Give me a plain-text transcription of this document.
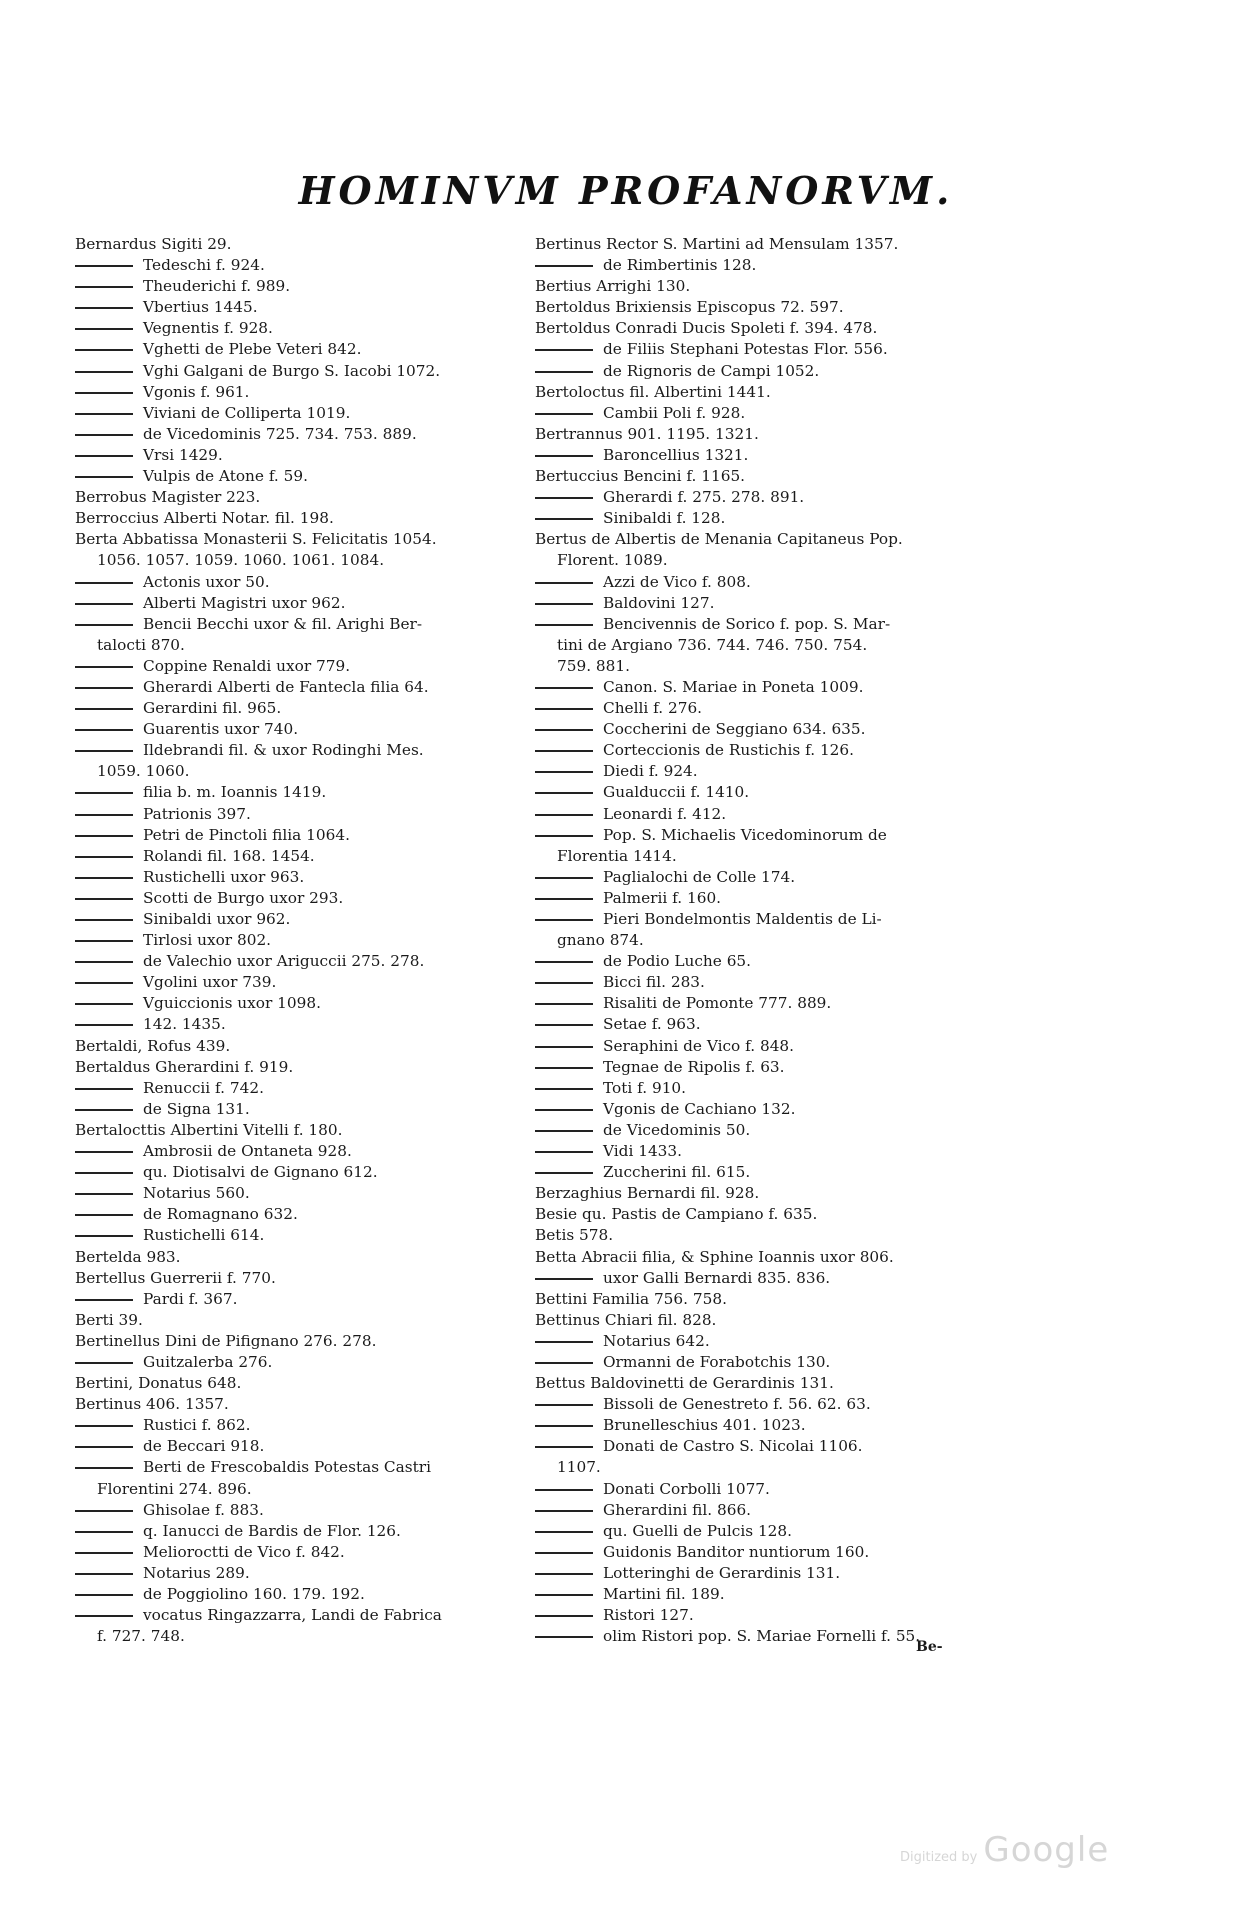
HOMINVM PROFANORVM.
Bernardus Sigiti 29.
Tedeschi f. 924.
Theuderichi f. 989.
Vbertius 1445.
Vegnentis f. 928.
Vghetti de Plebe Veteri 842.
Vghi Galgani de Burgo S. Iacobi 1072.
Vgonis f. 961.
Viviani de Colliperta 1019.
de Vicedominis 725. 734. 753. 889.
Vrsi 1429.
Vulpis de Atone f. 59.
Berrobus Magister 223.
Berroccius Alberti Notar. fil. 198.
Berta Abbatissa Monasterii S. Felicitatis 1054.
1056. 1057. 1059. 1060. 1061. 1084.
Actonis uxor 50.
Alberti Magistri uxor 962.
Bencii Becchi uxor & fil. Arighi Ber-
talocti 870.
Coppine Renaldi uxor 779.
Gherardi Alberti de Fantecla filia 64.
Gerardini fil. 965.
Guarentis uxor 740.
Ildebrandi fil. & uxor Rodinghi Mes.
1059. 1060.
filia b. m. Ioannis 1419.
Patrionis 397.
Petri de Pinctoli filia 1064.
Rolandi fil. 168. 1454.
Rustichelli uxor 963.
Scotti de Burgo uxor 293.
Sinibaldi uxor 962.
Tirlosi uxor 802.
de Valechio uxor Ariguccii 275. 278.
Vgolini uxor 739.
Vguiccionis uxor 1098.
142. 1435.
Bertaldi, Rofus 439.
Bertaldus Gherardini f. 919.
Renuccii f. 742.
de Signa 131.
Bertalocttis Albertini Vitelli f. 180.
Ambrosii de Ontaneta 928.
qu. Diotisalvi de Gignano 612.
Notarius 560.
de Romagnano 632.
Rustichelli 614.
Bertelda 983.
Bertellus Guerrerii f. 770.
Pardi f. 367.
Berti 39.
Bertinellus Dini de Pifignano 276. 278.
Guitzalerba 276.
Bertini, Donatus 648.
Bertinus 406. 1357.
Rustici f. 862.
de Beccari 918.
Berti de Frescobaldis Potestas Castri
Florentini 274. 896.
Ghisolae f. 883.
q. Ianucci de Bardis de Flor. 126.
Melioroctti de Vico f. 842.
Notarius 289.
de Poggiolino 160. 179. 192.
vocatus Ringazzarra, Landi de Fabrica
f. 727. 748.
Bertinus Rector S. Martini ad Mensulam 1357.
de Rimbertinis 128.
Bertius Arrighi 130.
Bertoldus Brixiensis Episcopus 72. 597.
Bertoldus Conradi Ducis Spoleti f. 394. 478.
de Filiis Stephani Potestas Flor. 556.
de Rignoris de Campi 1052.
Bertoloctus fil. Albertini 1441.
Cambii Poli f. 928.
Bertrannus 901. 1195. 1321.
Baroncellius 1321.
Bertuccius Bencini f. 1165.
Gherardi f. 275. 278. 891.
Sinibaldi f. 128.
Bertus de Albertis de Menania Capitaneus Pop.
Florent. 1089.
Azzi de Vico f. 808.
Baldovini 127.
Bencivennis de Sorico f. pop. S. Mar-
tini de Argiano 736. 744. 746. 750. 754.
759. 881.
Canon. S. Mariae in Poneta 1009.
Chelli f. 276.
Coccherini de Seggiano 634. 635.
Corteccionis de Rustichis f. 126.
Diedi f. 924.
Gualduccii f. 1410.
Leonardi f. 412.
Pop. S. Michaelis Vicedominorum de
Florentia 1414.
Paglialochi de Colle 174.
Palmerii f. 160.
Pieri Bondelmontis Maldentis de Li-
gnano 874.
de Podio Luche 65.
Bicci fil. 283.
Risaliti de Pomonte 777. 889.
Setae f. 963.
Seraphini de Vico f. 848.
Tegnae de Ripolis f. 63.
Toti f. 910.
Vgonis de Cachiano 132.
de Vicedominis 50.
Vidi 1433.
Zuccherini fil. 615.
Berzaghius Bernardi fil. 928.
Besie qu. Pastis de Campiano f. 635.
Betis 578.
Betta Abracii filia, & Sphine Ioannis uxor 806.
uxor Galli Bernardi 835. 836.
Bettini Familia 756. 758.
Bettinus Chiari fil. 828.
Notarius 642.
Ormanni de Forabotchis 130.
Bettus Baldovinetti de Gerardinis 131.
Bissoli de Genestreto f. 56. 62. 63.
Brunelleschius 401. 1023.
Donati de Castro S. Nicolai 1106.
1107.
Donati Corbolli 1077.
Gherardini fil. 866.
qu. Guelli de Pulcis 128.
Guidonis Banditor nuntiorum 160.
Lotteringhi de Gerardinis 131.
Martini fil. 189.
Ristori 127.
olim Ristori pop. S. Mariae Fornelli f. 55.
Be-
Digitized by Google
